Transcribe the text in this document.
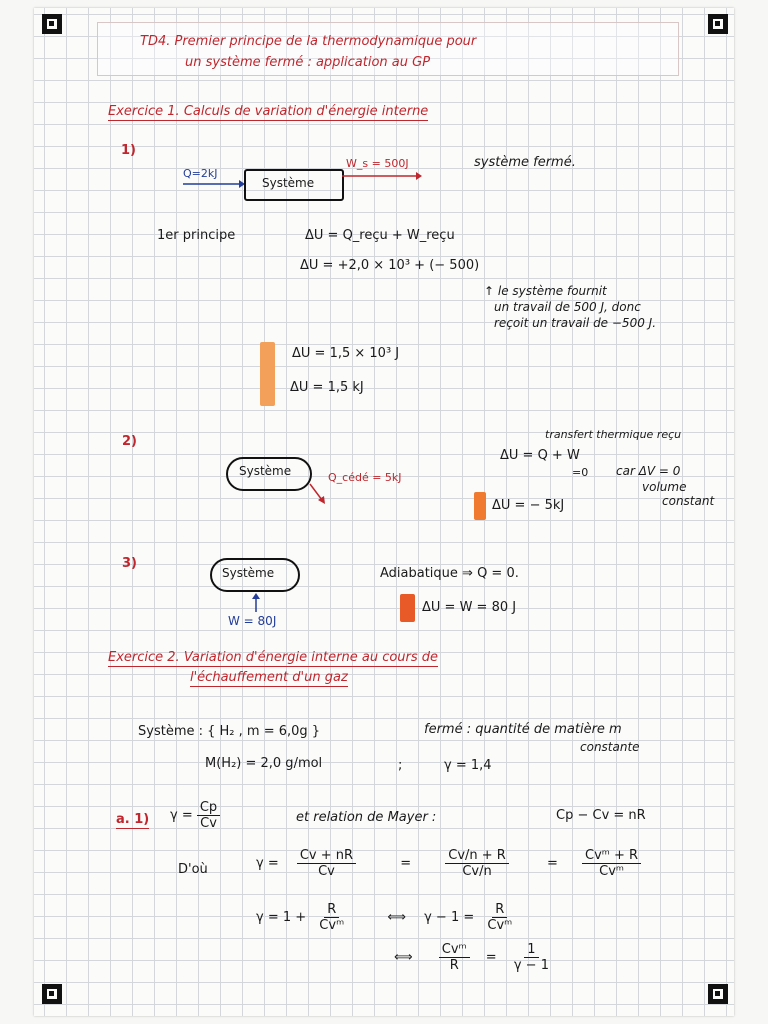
TD4. Premier principe de la thermodynamique pour
un système fermé : application au GP
Exercice 1. Calculs de variation d'énergie interne
1)
Q=2kJ
Système
W_s = 500J	système fermé.
1er principe	ΔU = Q_reçu + W_reçu
ΔU = +2,0 × 10³ + (− 500)
↑ le système fournit
un travail de 500 J, donc
reçoit un travail de −500 J.
ΔU = 1,5 × 10³ J
ΔU = 1,5 kJ
2)
Système	Q_cédé = 5kJ
transfert thermique reçu
ΔU = Q + W
=0 car ΔV = 0
volume
constant
ΔU = − 5kJ
3)
Système
W = 80J
Adiabatique ⇒ Q = 0.
ΔU = W = 80 J
Exercice 2. Variation d'énergie interne au cours de
l'échauffement d'un gaz
Système : { H₂ , m = 6,0g }	fermé : quantité de matière m
constante
M(H₂) = 2,0 g/mol	;	γ = 1,4
a. 1) $\gamma = \frac{Cp}{Cv}$	et relation de Mayer :	Cp − Cv = nR
D'où	$\gamma = \frac{Cv + nR}{Cv}$	=	$\frac{Cv/n + R}{Cv/n}$	= $\frac{\text{Cvᵐ + R}}{\text{Cvᵐ}}$
$\gamma = 1 + \frac{R}{\text{Cvᵐ}}$	⟺ $\gamma - 1 = \frac{R}{\text{Cvᵐ}}$
⟺ $\frac{\text{Cvᵐ}}{R} = \frac{1}{\gamma - 1}$
